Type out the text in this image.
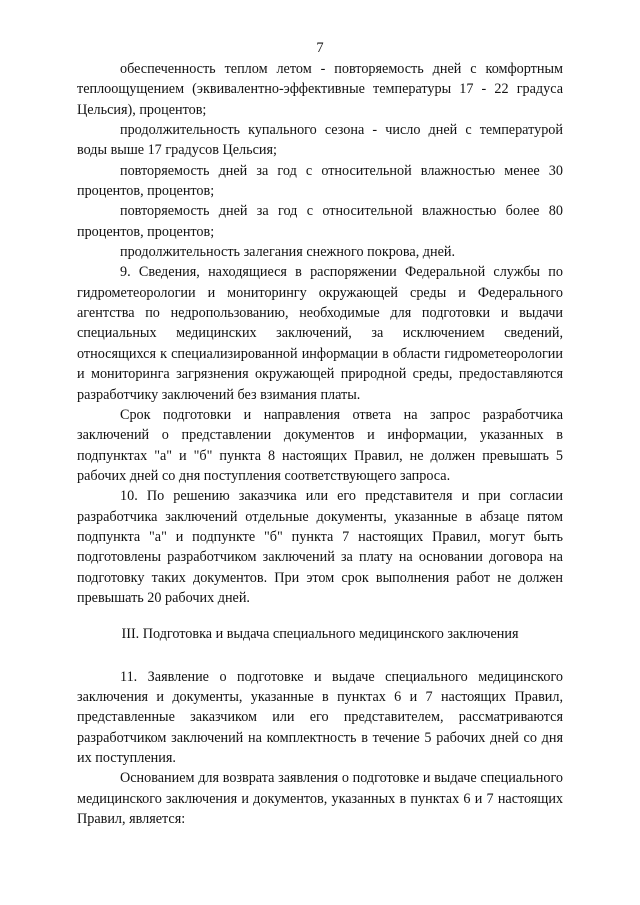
7

обеспеченность теплом летом - повторяемость дней с комфортным теплоощущением (эквивалентно-эффективные температуры 17 - 22 градуса Цельсия), процентов;

продолжительность купального сезона - число дней с температурой воды выше 17 градусов Цельсия;

повторяемость дней за год с относительной влажностью менее 30 процентов, процентов;

повторяемость дней за год с относительной влажностью более 80 процентов, процентов;

продолжительность залегания снежного покрова, дней.

9. Сведения, находящиеся в распоряжении Федеральной службы по гидрометеорологии и мониторингу окружающей среды и Федерального агентства по недропользованию, необходимые для подготовки и выдачи специальных медицинских заключений, за исключением сведений, относящихся к специализированной информации в области гидрометеорологии и мониторинга загрязнения окружающей природной среды, предоставляются разработчику заключений без взимания платы.

Срок подготовки и направления ответа на запрос разработчика заключений о представлении документов и информации, указанных в подпунктах "а" и "б" пункта 8 настоящих Правил, не должен превышать 5 рабочих дней со дня поступления соответствующего запроса.

10. По решению заказчика или его представителя и при согласии разработчика заключений отдельные документы, указанные в абзаце пятом подпункта "а" и подпункте "б" пункта 7 настоящих Правил, могут быть подготовлены разработчиком заключений за плату на основании договора на подготовку таких документов. При этом срок выполнения работ не должен превышать 20 рабочих дней.

III. Подготовка и выдача специального медицинского заключения

11. Заявление о подготовке и выдаче специального медицинского заключения и документы, указанные в пунктах 6 и 7 настоящих Правил, представленные заказчиком или его представителем, рассматриваются разработчиком заключений на комплектность в течение 5 рабочих дней со дня их поступления.

Основанием для возврата заявления о подготовке и выдаче специального медицинского заключения и документов, указанных в пунктах 6 и 7 настоящих Правил, является:
